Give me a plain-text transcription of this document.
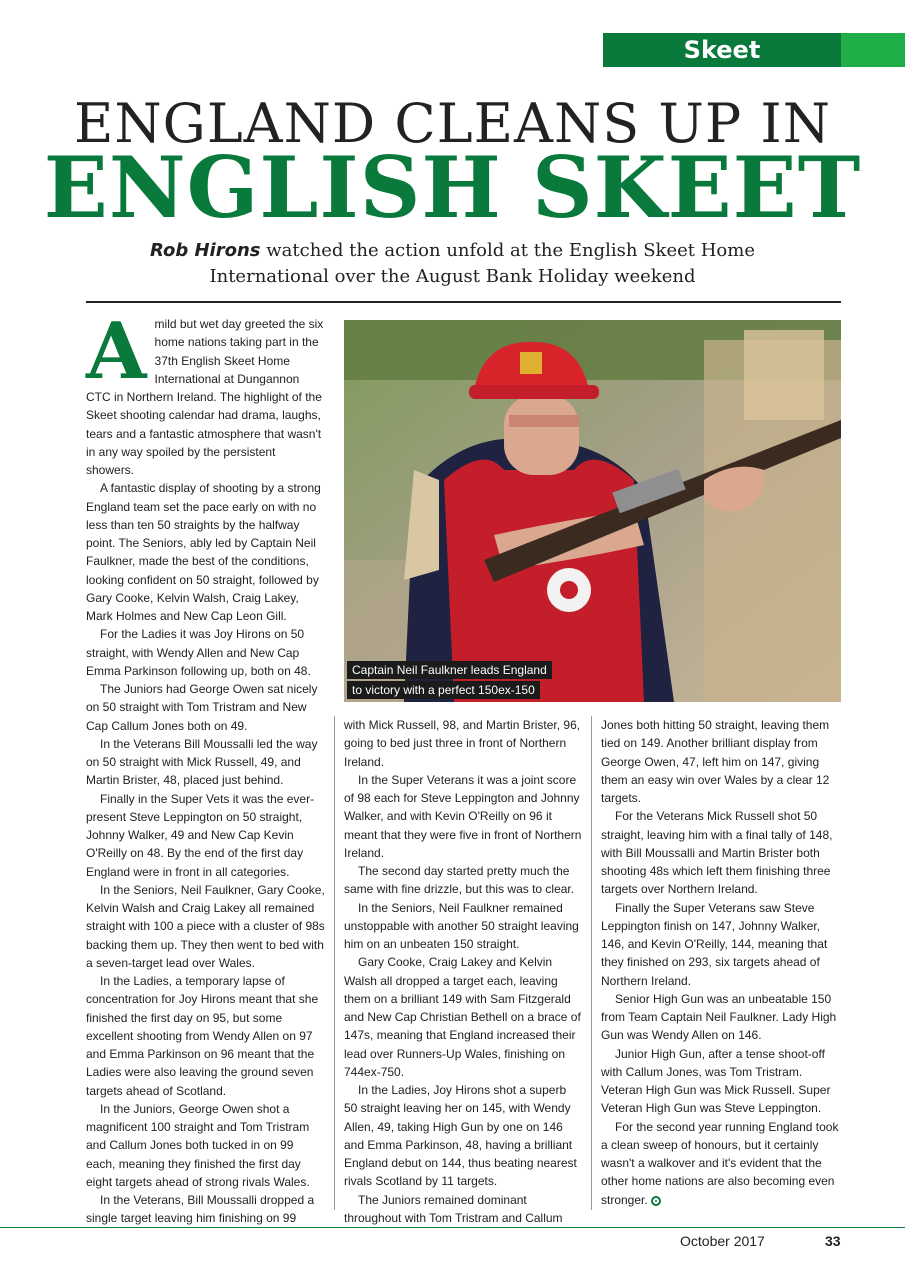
Skeet
ENGLAND CLEANS UP IN
ENGLISH SKEET
Rob Hirons watched the action unfold at the English Skeet Home
International over the August Bank Holiday weekend
A mild but wet day greeted the six home nations taking part in the 37th English Skeet Home International at Dungannon CTC in Northern Ireland. The highlight of the Skeet shooting calendar had drama, laughs, tears and a fantastic atmosphere that wasn't in any way spoiled by the persistent showers.

A fantastic display of shooting by a strong England team set the pace early on with no less than ten 50 straights by the halfway point. The Seniors, ably led by Captain Neil Faulkner, made the best of the conditions, looking confident on 50 straight, followed by Gary Cooke, Kelvin Walsh, Craig Lakey, Mark Holmes and New Cap Leon Gill.

For the Ladies it was Joy Hirons on 50 straight, with Wendy Allen and New Cap Emma Parkinson following up, both on 48.

The Juniors had George Owen sat nicely on 50 straight with Tom Tristram and New Cap Callum Jones both on 49.

In the Veterans Bill Moussalli led the way on 50 straight with Mick Russell, 49, and Martin Brister, 48, placed just behind.

Finally in the Super Vets it was the ever-present Steve Leppington on 50 straight, Johnny Walker, 49 and New Cap Kevin O'Reilly on 48. By the end of the first day England were in front in all categories.

In the Seniors, Neil Faulkner, Gary Cooke, Kelvin Walsh and Craig Lakey all remained straight with 100 a piece with a cluster of 98s backing them up. They then went to bed with a seven-target lead over Wales.

In the Ladies, a temporary lapse of concentration for Joy Hirons meant that she finished the first day on 95, but some excellent shooting from Wendy Allen on 97 and Emma Parkinson on 96 meant that the Ladies were also leaving the ground seven targets ahead of Scotland.

In the Juniors, George Owen shot a magnificent 100 straight and Tom Tristram and Callum Jones both tucked in on 99 each, meaning they finished the first day eight targets ahead of strong rivals Wales.

In the Veterans, Bill Moussalli dropped a single target leaving him finishing on 99

Captain Neil Faulkner leads England
to victory with a perfect 150ex-150

with Mick Russell, 98, and Martin Brister, 96, going to bed just three in front of Northern Ireland.

In the Super Veterans it was a joint score of 98 each for Steve Leppington and Johnny Walker, and with Kevin O'Reilly on 96 it meant that they were five in front of Northern Ireland.

The second day started pretty much the same with fine drizzle, but this was to clear.

In the Seniors, Neil Faulkner remained unstoppable with another 50 straight leaving him on an unbeaten 150 straight.

Gary Cooke, Craig Lakey and Kelvin Walsh all dropped a target each, leaving them on a brilliant 149 with Sam Fitzgerald and New Cap Christian Bethell on a brace of 147s, meaning that England increased their lead over Runners-Up Wales, finishing on 744ex-750.

In the Ladies, Joy Hirons shot a superb 50 straight leaving her on 145, with Wendy Allen, 49, taking High Gun by one on 146 and Emma Parkinson, 48, having a brilliant England debut on 144, thus beating nearest rivals Scotland by 11 targets.

The Juniors remained dominant throughout with Tom Tristram and Callum

Jones both hitting 50 straight, leaving them tied on 149. Another brilliant display from George Owen, 47, left him on 147, giving them an easy win over Wales by a clear 12 targets.

For the Veterans Mick Russell shot 50 straight, leaving him with a final tally of 148, with Bill Moussalli and Martin Brister both shooting 48s which left them finishing three targets over Northern Ireland.

Finally the Super Veterans saw Steve Leppington finish on 147, Johnny Walker, 146, and Kevin O'Reilly, 144, meaning that they finished on 293, six targets ahead of Northern Ireland.

Senior High Gun was an unbeatable 150 from Team Captain Neil Faulkner. Lady High Gun was Wendy Allen on 146.

Junior High Gun, after a tense shoot-off with Callum Jones, was Tom Tristram. Veteran High Gun was Mick Russell. Super Veteran High Gun was Steve Leppington.

For the second year running England took a clean sweep of honours, but it certainly wasn't a walkover and it's evident that the other home nations are also becoming even stronger.

October 2017	33
